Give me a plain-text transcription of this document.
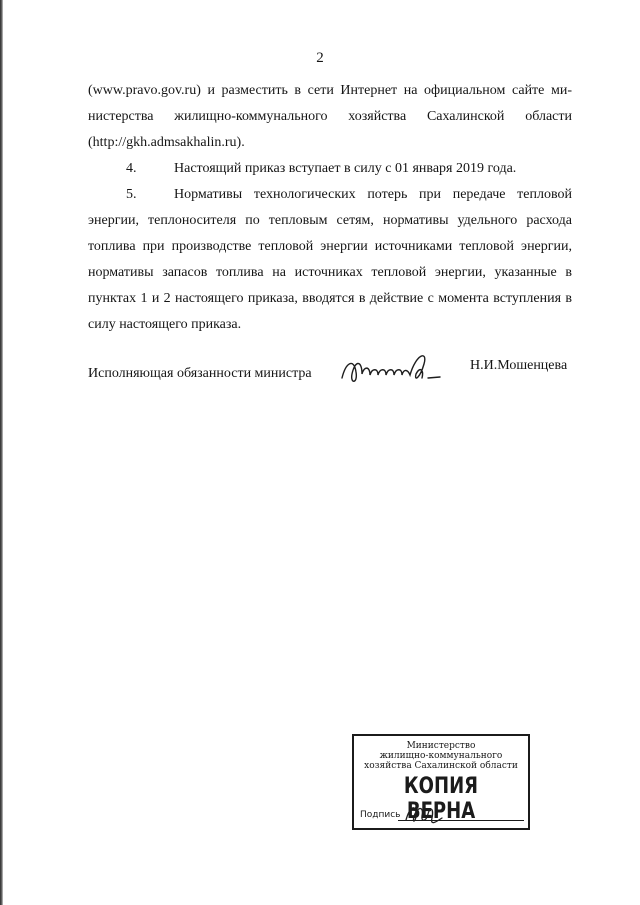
2

(www.pravo.gov.ru) и разместить в сети Интернет на официальном сайте ми-

нистерства жилищно-коммунального хозяйства Сахалинской области

(http://gkh.admsakhalin.ru).

4.	Настоящий приказ вступает в силу с 01 января 2019 года.

5.	Нормативы технологических потерь при передаче тепловой энергии, теплоносителя по тепловым сетям, нормативы удельного расхода топлива при производстве тепловой энергии источниками тепловой энергии, нормативы запасов топлива на источниках тепловой энергии, указанные в пунктах 1 и 2 настоящего приказа, вводятся в действие с момента вступления в силу настоящего приказа.

Исполняющая обязанности министра
Н.И.Мошенцева
Министерство
жилищно-коммунального
хозяйства Сахалинской области
КОПИЯ ВЕРНА
Подпись
